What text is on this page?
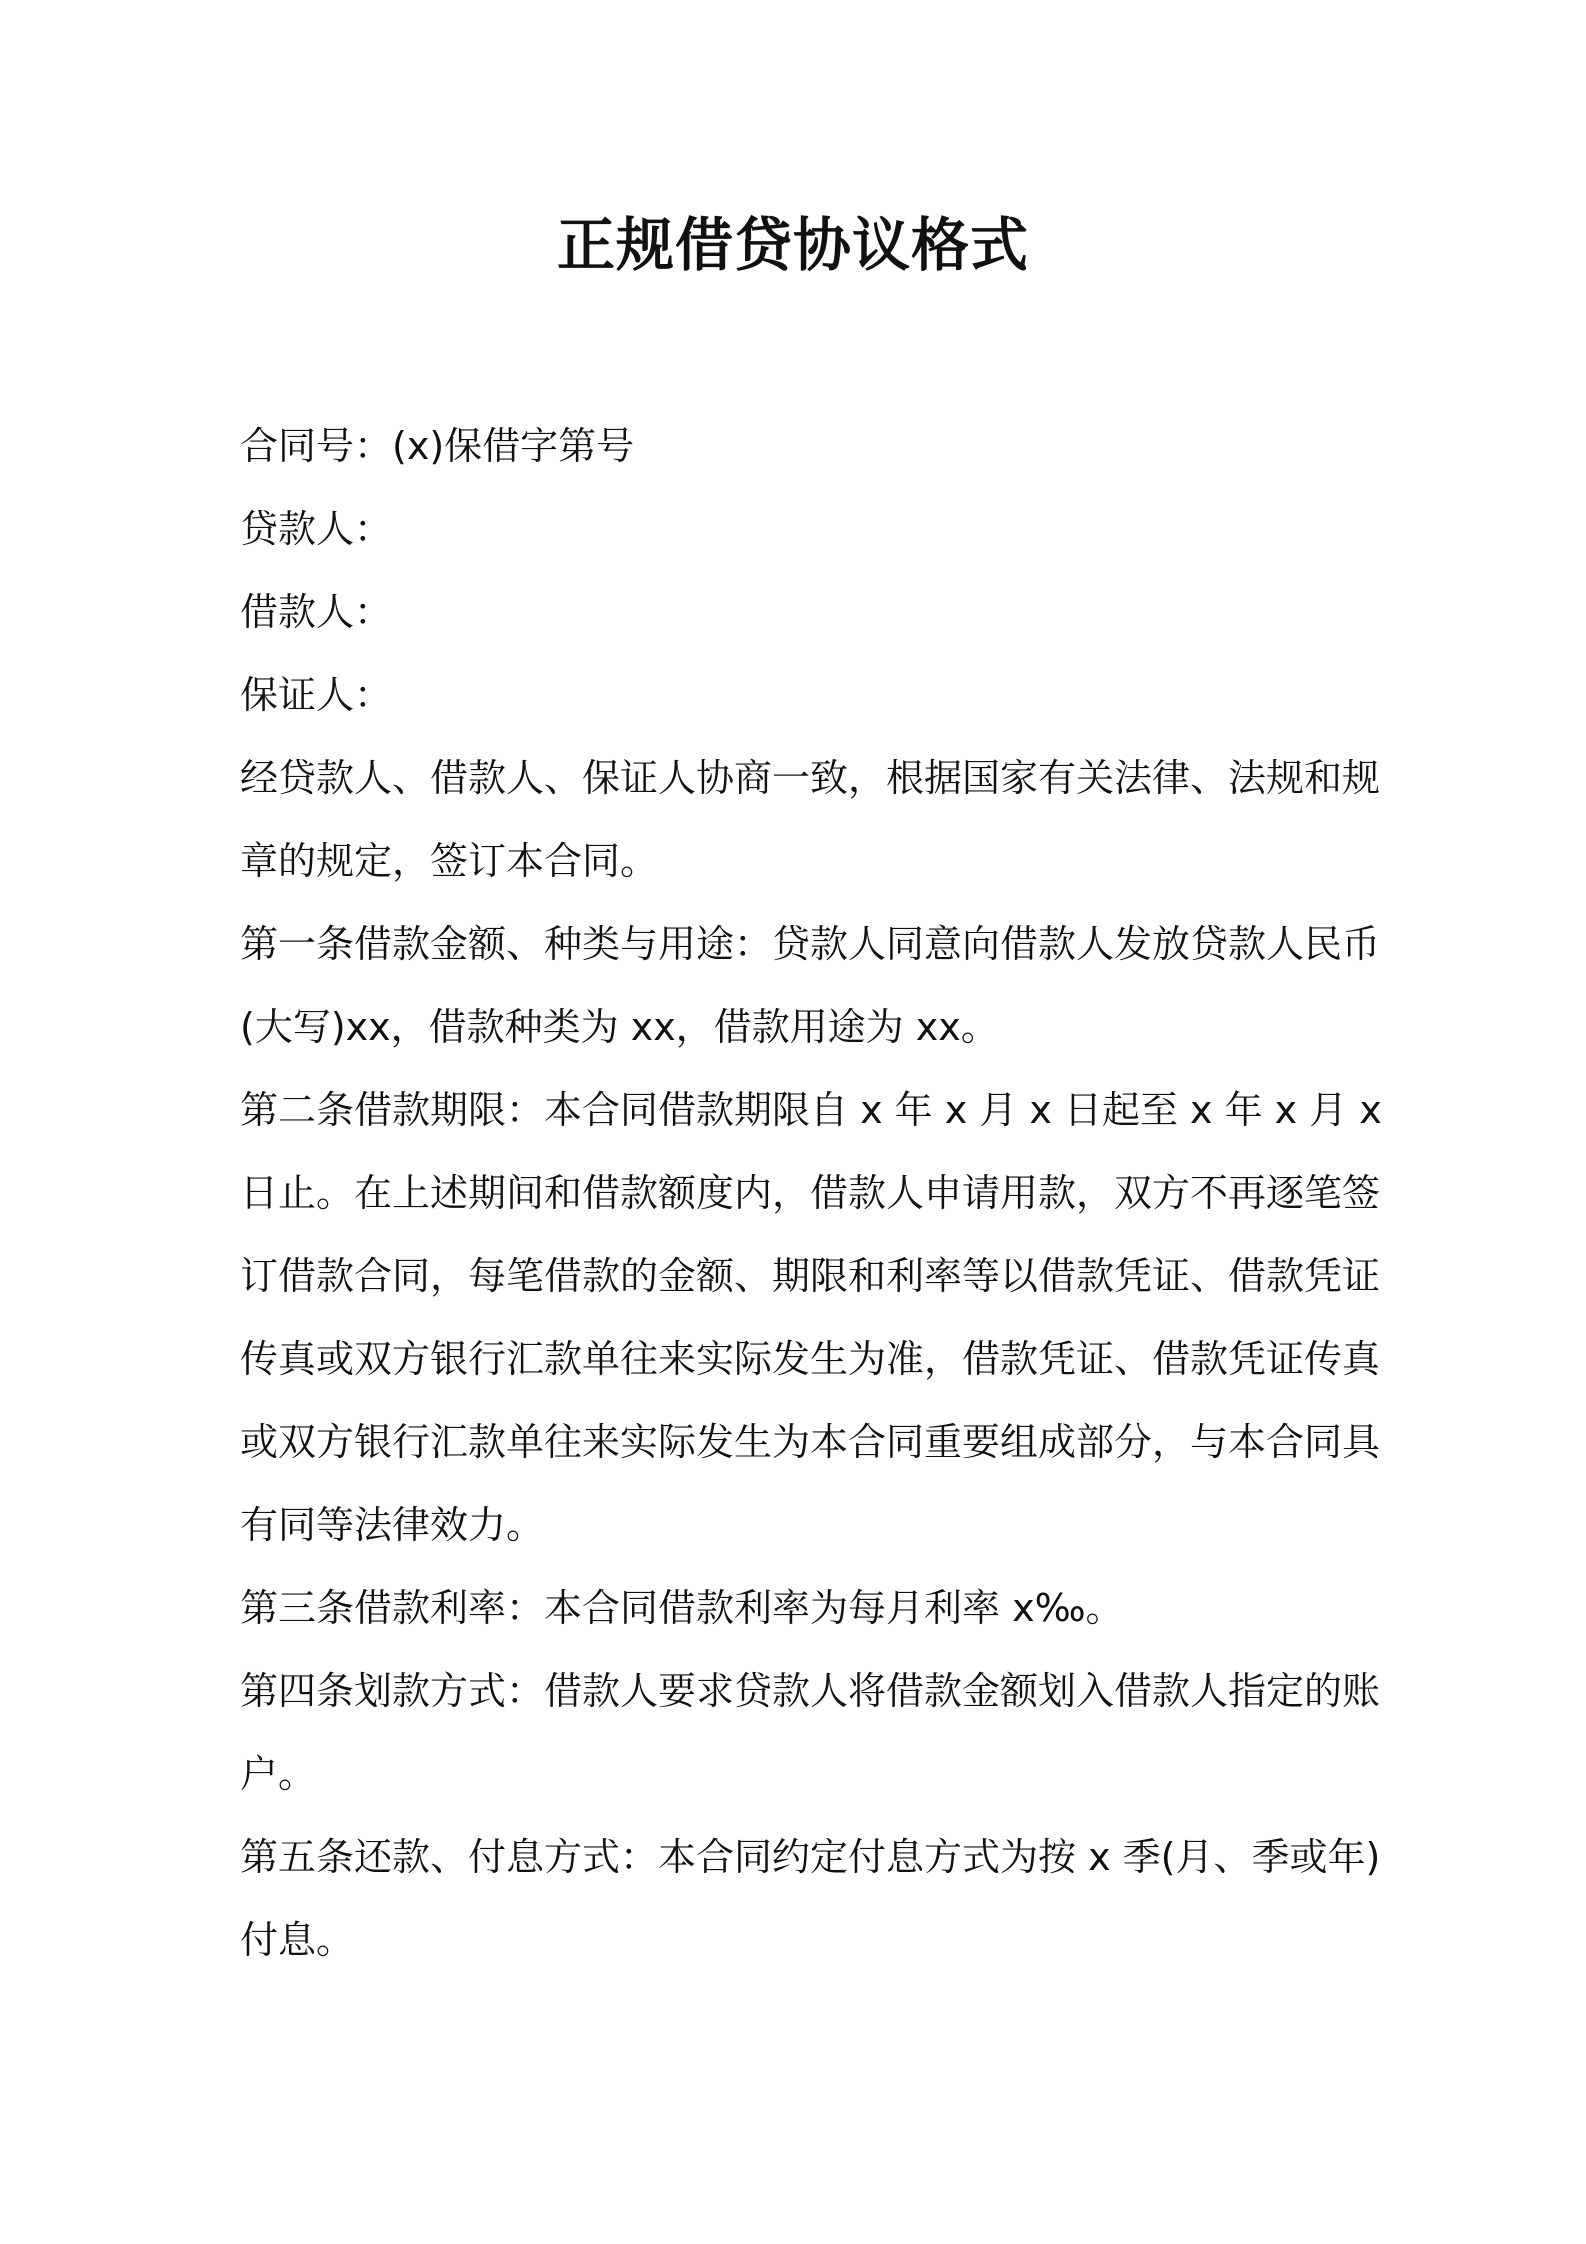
正规借贷协议格式
合同号：(x)保借字第号
贷款人：
借款人：
保证人：
经贷款人、借款人、保证人协商一致，根据国家有关法律、法规和规
章的规定，签订本合同。
第一条借款金额、种类与用途：贷款人同意向借款人发放贷款人民币
(大写)xx，借款种类为 xx，借款用途为 xx。
第二条借款期限：本合同借款期限自 x 年 x 月 x 日起至 x 年 x 月 x
日止。在上述期间和借款额度内，借款人申请用款，双方不再逐笔签
订借款合同，每笔借款的金额、期限和利率等以借款凭证、借款凭证
传真或双方银行汇款单往来实际发生为准，借款凭证、借款凭证传真
或双方银行汇款单往来实际发生为本合同重要组成部分，与本合同具
有同等法律效力。
第三条借款利率：本合同借款利率为每月利率 x‰。
第四条划款方式：借款人要求贷款人将借款金额划入借款人指定的账
户。
第五条还款、付息方式：本合同约定付息方式为按 x 季(月、季或年)
付息。
